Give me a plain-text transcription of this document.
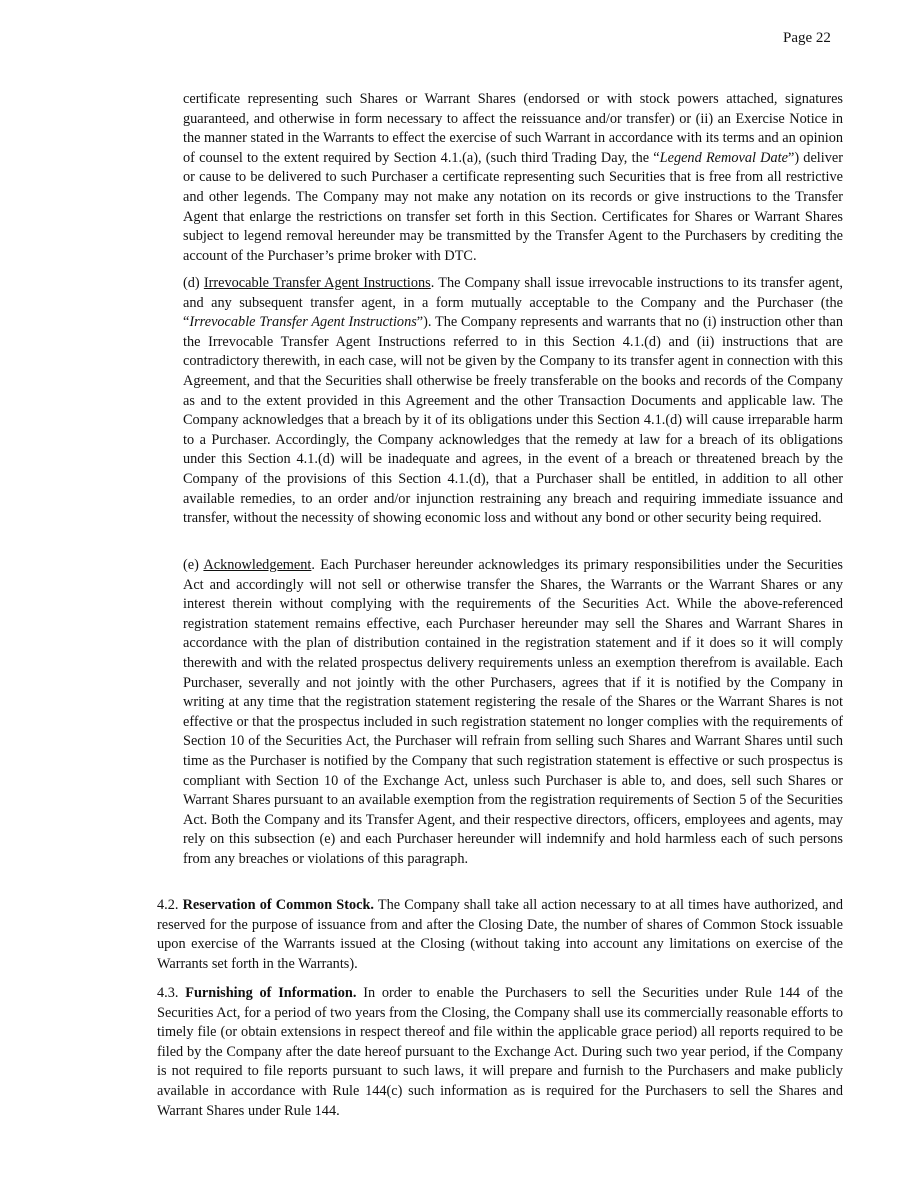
Page 22

certificate representing such Shares or Warrant Shares (endorsed or with stock powers attached, signatures guaranteed, and otherwise in form necessary to affect the reissuance and/or transfer) or (ii) an Exercise Notice in the manner stated in the Warrants to effect the exercise of such Warrant in accordance with its terms and an opinion of counsel to the extent required by Section 4.1.(a), (such third Trading Day, the “Legend Removal Date”) deliver or cause to be delivered to such Purchaser a certificate representing such Securities that is free from all restrictive and other legends. The Company may not make any notation on its records or give instructions to the Transfer Agent that enlarge the restrictions on transfer set forth in this Section. Certificates for Shares or Warrant Shares subject to legend removal hereunder may be transmitted by the Transfer Agent to the Purchasers by crediting the account of the Purchaser’s prime broker with DTC.

(d) Irrevocable Transfer Agent Instructions. The Company shall issue irrevocable instructions to its transfer agent, and any subsequent transfer agent, in a form mutually acceptable to the Company and the Purchaser (the “Irrevocable Transfer Agent Instructions”). The Company represents and warrants that no (i) instruction other than the Irrevocable Transfer Agent Instructions referred to in this Section 4.1.(d) and (ii) instructions that are contradictory therewith, in each case, will not be given by the Company to its transfer agent in connection with this Agreement, and that the Securities shall otherwise be freely transferable on the books and records of the Company as and to the extent provided in this Agreement and the other Transaction Documents and applicable law. The Company acknowledges that a breach by it of its obligations under this Section 4.1.(d) will cause irreparable harm to a Purchaser. Accordingly, the Company acknowledges that the remedy at law for a breach of its obligations under this Section 4.1.(d) will be inadequate and agrees, in the event of a breach or threatened breach by the Company of the provisions of this Section 4.1.(d), that a Purchaser shall be entitled, in addition to all other available remedies, to an order and/or injunction restraining any breach and requiring immediate issuance and transfer, without the necessity of showing economic loss and without any bond or other security being required.

(e) Acknowledgement. Each Purchaser hereunder acknowledges its primary responsibilities under the Securities Act and accordingly will not sell or otherwise transfer the Shares, the Warrants or the Warrant Shares or any interest therein without complying with the requirements of the Securities Act. While the above-referenced registration statement remains effective, each Purchaser hereunder may sell the Shares and Warrant Shares in accordance with the plan of distribution contained in the registration statement and if it does so it will comply therewith and with the related prospectus delivery requirements unless an exemption therefrom is available. Each Purchaser, severally and not jointly with the other Purchasers, agrees that if it is notified by the Company in writing at any time that the registration statement registering the resale of the Shares or the Warrant Shares is not effective or that the prospectus included in such registration statement no longer complies with the requirements of Section 10 of the Securities Act, the Purchaser will refrain from selling such Shares and Warrant Shares until such time as the Purchaser is notified by the Company that such registration statement is effective or such prospectus is compliant with Section 10 of the Exchange Act, unless such Purchaser is able to, and does, sell such Shares or Warrant Shares pursuant to an available exemption from the registration requirements of Section 5 of the Securities Act. Both the Company and its Transfer Agent, and their respective directors, officers, employees and agents, may rely on this subsection (e) and each Purchaser hereunder will indemnify and hold harmless each of such persons from any breaches or violations of this paragraph.

4.2. Reservation of Common Stock. The Company shall take all action necessary to at all times have authorized, and reserved for the purpose of issuance from and after the Closing Date, the number of shares of Common Stock issuable upon exercise of the Warrants issued at the Closing (without taking into account any limitations on exercise of the Warrants set forth in the Warrants).

4.3. Furnishing of Information. In order to enable the Purchasers to sell the Securities under Rule 144 of the Securities Act, for a period of two years from the Closing, the Company shall use its commercially reasonable efforts to timely file (or obtain extensions in respect thereof and file within the applicable grace period) all reports required to be filed by the Company after the date hereof pursuant to the Exchange Act. During such two year period, if the Company is not required to file reports pursuant to such laws, it will prepare and furnish to the Purchasers and make publicly available in accordance with Rule 144(c) such information as is required for the Purchasers to sell the Shares and Warrant Shares under Rule 144.
